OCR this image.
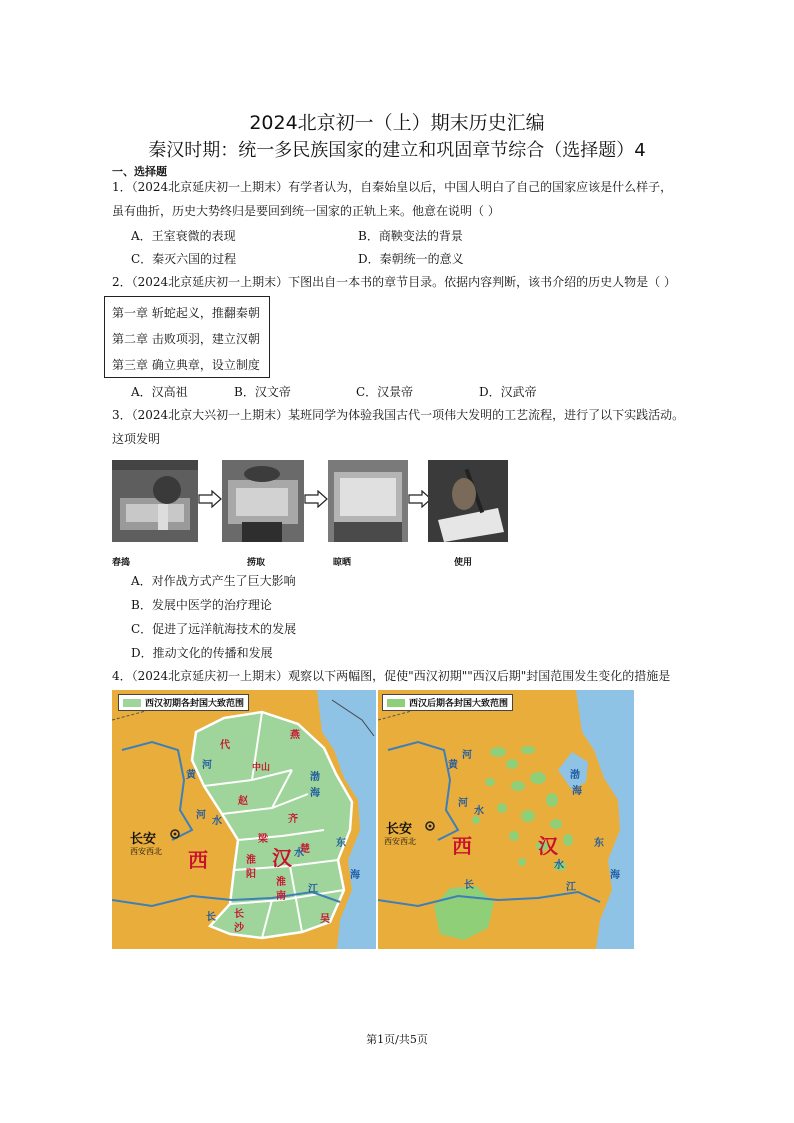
2024北京初一（上）期末历史汇编
秦汉时期：统一多民族国家的建立和巩固章节综合（选择题）4
一、选择题
1．（2024北京延庆初一上期末）有学者认为，自秦始皇以后，中国人明白了自己的国家应该是什么样子，
虽有曲折，历史大势终归是要回到统一国家的正轨上来。他意在说明（ ）
A．王室衰微的表现	B．商鞅变法的背景
C．秦灭六国的过程	D．秦朝统一的意义
2．（2024北京延庆初一上期末）下图出自一本书的章节目录。依据内容判断，该书介绍的历史人物是（ ）
第一章 斩蛇起义，推翻秦朝
第二章 击败项羽，建立汉朝
第三章 确立典章，设立制度
A．汉高祖	B．汉文帝	C．汉景帝	D．汉武帝
3．（2024北京大兴初一上期末）某班同学为体验我国古代一项伟大发明的工艺流程，进行了以下实践活动。
这项发明
春捣	捞取	晾晒	使用
A．对作战方式产生了巨大影响
B．发展中医学的治疗理论
C．促进了远洋航海技术的发展
D．推动文化的传播和发展
4．（2024北京延庆初一上期末）观察以下两幅图，促使"西汉初期""西汉后期"封国范围发生变化的措施是
西汉初期各封国大致范围
代
燕
中山
赵
齐
梁
楚
淮阳
淮南
吴
长沙
黄
河
河
水
渤
海
东
海
江
长
水
长安
西安西北 西	汉
西汉后期各封国大致范围
黄
河
河
水
渤
海
东
海
江
长
水
长安
西安西北 西	汉
第1页/共5页
